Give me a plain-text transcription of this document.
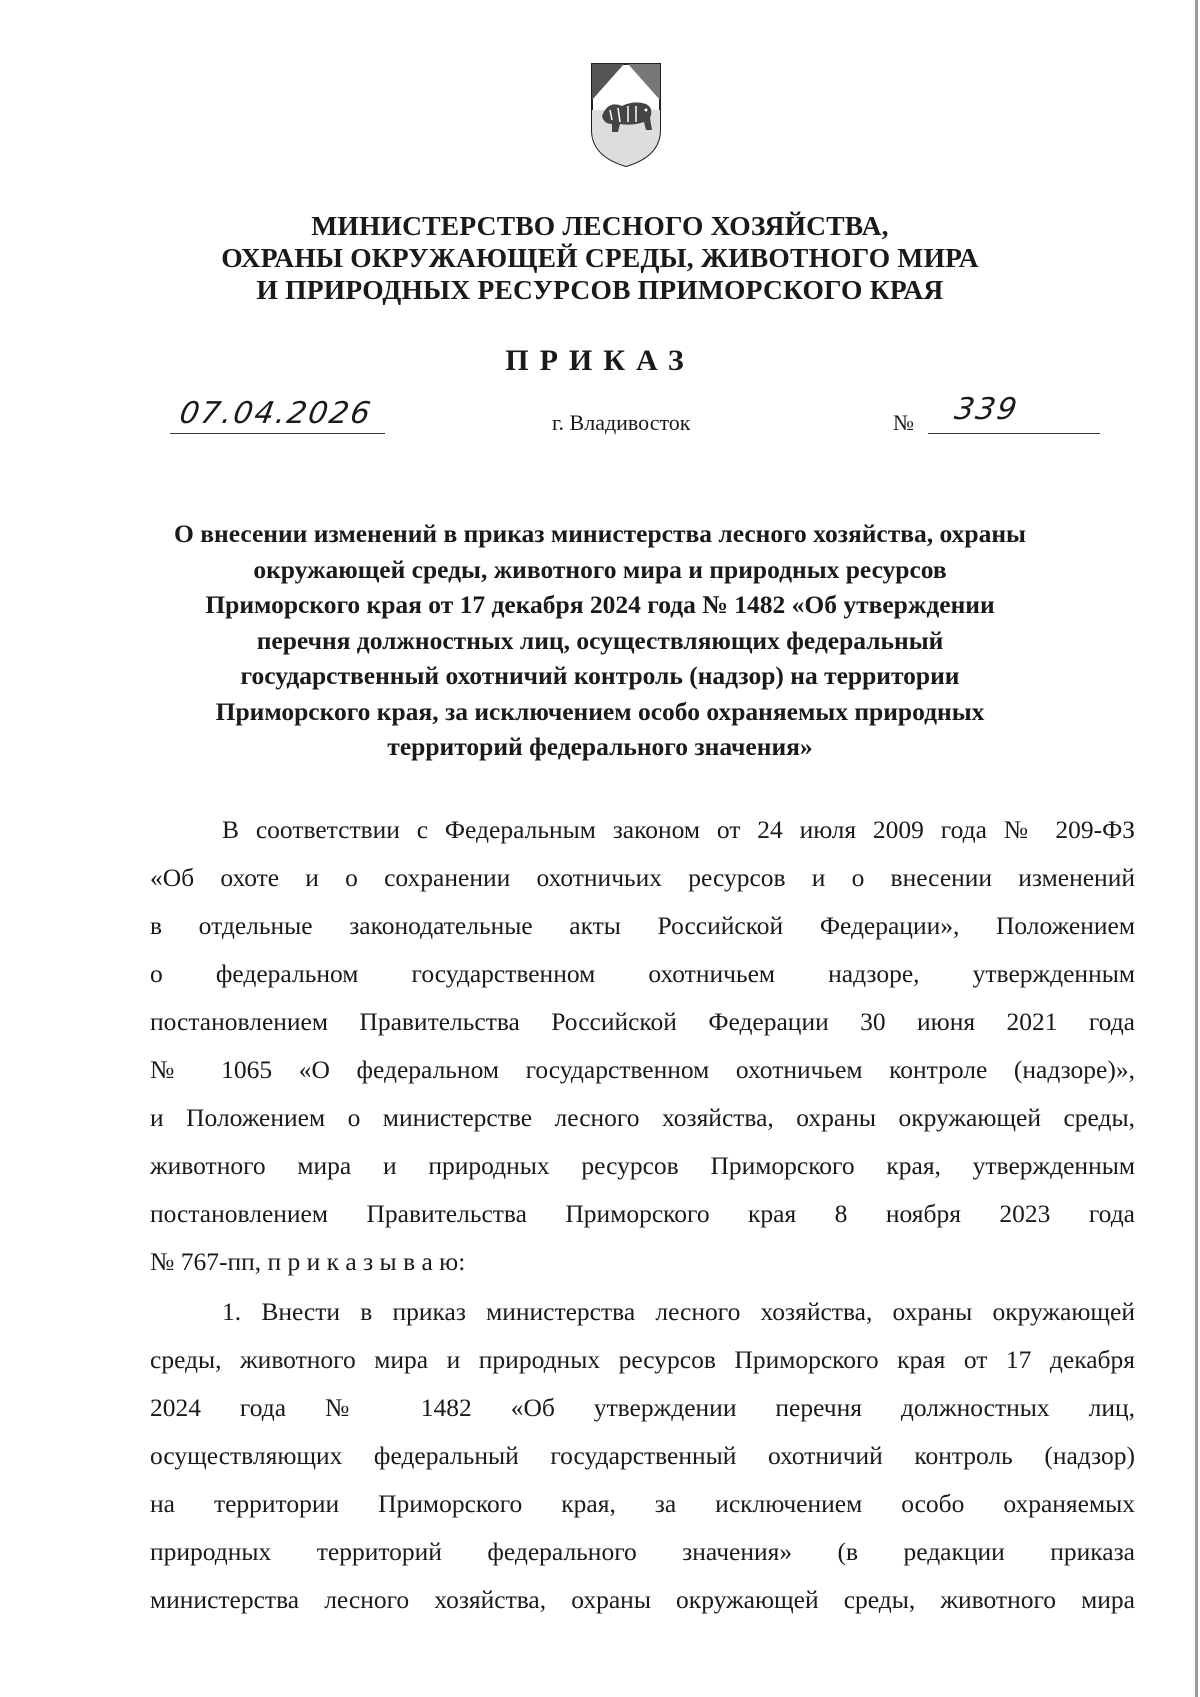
МИНИСТЕРСТВО ЛЕСНОГО ХОЗЯЙСТВА,
ОХРАНЫ ОКРУЖАЮЩЕЙ СРЕДЫ, ЖИВОТНОГО МИРА
И ПРИРОДНЫХ РЕСУРСОВ ПРИМОРСКОГО КРАЯ
ПРИКАЗ
07.04.2026	г. Владивосток	№ 339
О внесении изменений в приказ министерства лесного хозяйства, охраны
окружающей среды, животного мира и природных ресурсов
Приморского края от 17 декабря 2024 года № 1482 «Об утверждении
перечня должностных лиц, осуществляющих федеральный
государственный охотничий контроль (надзор) на территории
Приморского края, за исключением особо охраняемых природных
территорий федерального значения»
В соответствии с Федеральным законом от 24 июля 2009 года № 209-ФЗ
«Об охоте и о сохранении охотничьих ресурсов и о внесении изменений
в отдельные законодательные акты Российской Федерации», Положением
о федеральном государственном охотничьем надзоре, утвержденным
постановлением Правительства Российской Федерации 30 июня 2021 года
№ 1065 «О федеральном государственном охотничьем контроле (надзоре)»,
и Положением о министерстве лесного хозяйства, охраны окружающей среды,
животного мира и природных ресурсов Приморского края, утвержденным
постановлением Правительства Приморского края 8 ноября 2023 года
№ 767-пп, п р и к а з ы в а ю:
1. Внести в приказ министерства лесного хозяйства, охраны окружающей
среды, животного мира и природных ресурсов Приморского края от 17 декабря
2024 года № 1482 «Об утверждении перечня должностных лиц,
осуществляющих федеральный государственный охотничий контроль (надзор)
на территории Приморского края, за исключением особо охраняемых
природных территорий федерального значения» (в редакции приказа
министерства лесного хозяйства, охраны окружающей среды, животного мира
